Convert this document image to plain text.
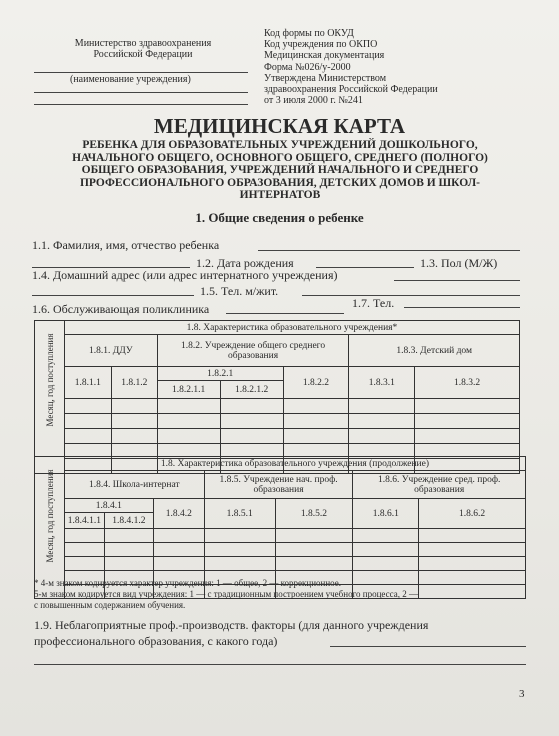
Министерство здравоохранения
Российской Федерации
(наименование учреждения)
Код формы по ОКУД
Код учреждения по ОКПО
Медицинская документация
Форма №026/у-2000
Утверждена Министерством
здравоохранения Российской Федерации
от 3 июля 2000 г. №241
МЕДИЦИНСКАЯ КАРТА
РЕБЕНКА ДЛЯ ОБРАЗОВАТЕЛЬНЫХ УЧРЕЖДЕНИЙ ДОШКОЛЬНОГО, НАЧАЛЬНОГО ОБЩЕГО, ОСНОВНОГО ОБЩЕГО, СРЕДНЕГО (ПОЛНОГО) ОБЩЕГО ОБРАЗОВАНИЯ, УЧРЕЖДЕНИЙ НАЧАЛЬНОГО И СРЕДНЕГО ПРОФЕССИОНАЛЬНОГО ОБРАЗОВАНИЯ, ДЕТСКИХ ДОМОВ И ШКОЛ-ИНТЕРНАТОВ
1. Общие сведения о ребенке
1.1. Фамилия, имя, отчество ребенка
1.2. Дата рождения	1.3. Пол (М/Ж)
1.4. Домашний адрес (или адрес интернатного учреждения)
1.5. Тел. м/жит.
1.6. Обслуживающая поликлиника	1.7. Тел.
Месяц, год поступления	1.8. Характеристика образовательного учреждения*						
	1.8.1. ДДУ		1.8.2. Учреждение общего среднего образования			1.8.3. Детский дом	
	1.8.1.1	1.8.1.2	1.8.2.1		1.8.2.2	1.8.3.1	1.8.3.2
			1.8.2.1.1	1.8.2.1.2			

Месяц, год поступления	1.8. Характеристика образовательного учреждения (продолжение)						
	1.8.4. Школа-интернат			1.8.5. Учреждение нач. проф. образования		1.8.6. Учреждение сред. проф. образования	
	1.8.4.1		1.8.4.2	1.8.5.1	1.8.5.2	1.8.6.1	1.8.6.2
	1.8.4.1.1	1.8.4.1.2					

* 4-м знаком кодируется характер учреждения: 1 — общее, 2 — коррекционное.
5-м знаком кодируется вид учреждения: 1 — с традиционным построением учебного процесса, 2 —
с повышенным содержанием обучения.
1.9. Неблагоприятные проф.-производств. факторы (для данного учреждения
профессионального образования, с какого года)
3
